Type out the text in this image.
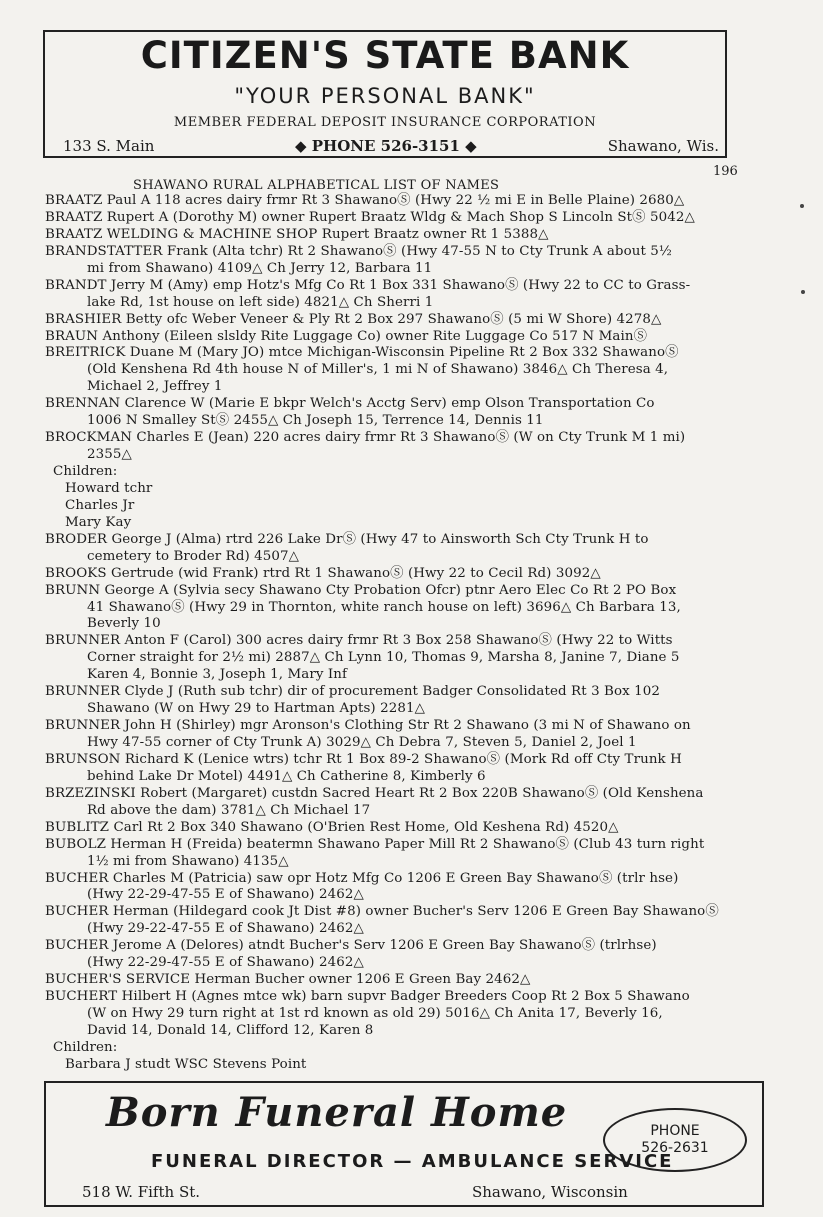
CITIZEN'S STATE BANK
"YOUR PERSONAL BANK"
MEMBER FEDERAL DEPOSIT INSURANCE CORPORATION
133 S. Main	◆ PHONE 526-3151 ◆	Shawano, Wis.
196
SHAWANO RURAL ALPHABETICAL LIST OF NAMES
BRAATZ Paul A 118 acres dairy frmr Rt 3 ShawanoⓈ (Hwy 22 ½ mi E in Belle Plaine) 2680△
BRAATZ Rupert A (Dorothy M) owner Rupert Braatz Wldg & Mach Shop S Lincoln StⓈ 5042△
BRAATZ WELDING & MACHINE SHOP Rupert Braatz owner Rt 1 5388△
BRANDSTATTER Frank (Alta tchr) Rt 2 ShawanoⓈ (Hwy 47-55 N to Cty Trunk A about 5½
mi from Shawano) 4109△ Ch Jerry 12, Barbara 11
BRANDT Jerry M (Amy) emp Hotz's Mfg Co Rt 1 Box 331 ShawanoⓈ (Hwy 22 to CC to Grass-
lake Rd, 1st house on left side) 4821△ Ch Sherri 1
BRASHIER Betty ofc Weber Veneer & Ply Rt 2 Box 297 ShawanoⓈ (5 mi W Shore) 4278△
BRAUN Anthony (Eileen slsldy Rite Luggage Co) owner Rite Luggage Co 517 N MainⓈ
BREITRICK Duane M (Mary JO) mtce Michigan-Wisconsin Pipeline Rt 2 Box 332 ShawanoⓈ
(Old Kenshena Rd 4th house N of Miller's, 1 mi N of Shawano) 3846△ Ch Theresa 4,
Michael 2, Jeffrey 1
BRENNAN Clarence W (Marie E bkpr Welch's Acctg Serv) emp Olson Transportation Co
1006 N Smalley StⓈ 2455△ Ch Joseph 15, Terrence 14, Dennis 11
BROCKMAN Charles E (Jean) 220 acres dairy frmr Rt 3 ShawanoⓈ (W on Cty Trunk M 1 mi)
2355△
Children:
Howard tchr
Charles Jr
Mary Kay
BRODER George J (Alma) rtrd 226 Lake DrⓈ (Hwy 47 to Ainsworth Sch Cty Trunk H to
cemetery to Broder Rd) 4507△
BROOKS Gertrude (wid Frank) rtrd Rt 1 ShawanoⓈ (Hwy 22 to Cecil Rd) 3092△
BRUNN George A (Sylvia secy Shawano Cty Probation Ofcr) ptnr Aero Elec Co Rt 2 PO Box
41 ShawanoⓈ (Hwy 29 in Thornton, white ranch house on left) 3696△ Ch Barbara 13,
Beverly 10
BRUNNER Anton F (Carol) 300 acres dairy frmr Rt 3 Box 258 ShawanoⓈ (Hwy 22 to Witts
Corner straight for 2½ mi) 2887△ Ch Lynn 10, Thomas 9, Marsha 8, Janine 7, Diane 5
Karen 4, Bonnie 3, Joseph 1, Mary Inf
BRUNNER Clyde J (Ruth sub tchr) dir of procurement Badger Consolidated Rt 3 Box 102
Shawano (W on Hwy 29 to Hartman Apts) 2281△
BRUNNER John H (Shirley) mgr Aronson's Clothing Str Rt 2 Shawano (3 mi N of Shawano on
Hwy 47-55 corner of Cty Trunk A) 3029△ Ch Debra 7, Steven 5, Daniel 2, Joel 1
BRUNSON Richard K (Lenice wtrs) tchr Rt 1 Box 89-2 ShawanoⓈ (Mork Rd off Cty Trunk H
behind Lake Dr Motel) 4491△ Ch Catherine 8, Kimberly 6
BRZEZINSKI Robert (Margaret) custdn Sacred Heart Rt 2 Box 220B ShawanoⓈ (Old Kenshena
Rd above the dam) 3781△ Ch Michael 17
BUBLITZ Carl Rt 2 Box 340 Shawano (O'Brien Rest Home, Old Keshena Rd) 4520△
BUBOLZ Herman H (Freida) beatermn Shawano Paper Mill Rt 2 ShawanoⓈ (Club 43 turn right
1½ mi from Shawano) 4135△
BUCHER Charles M (Patricia) saw opr Hotz Mfg Co 1206 E Green Bay ShawanoⓈ (trlr hse)
(Hwy 22-29-47-55 E of Shawano) 2462△
BUCHER Herman (Hildegard cook Jt Dist #8) owner Bucher's Serv 1206 E Green Bay ShawanoⓈ
(Hwy 29-22-47-55 E of Shawano) 2462△
BUCHER Jerome A (Delores) atndt Bucher's Serv 1206 E Green Bay ShawanoⓈ (trlrhse)
(Hwy 22-29-47-55 E of Shawano) 2462△
BUCHER'S SERVICE Herman Bucher owner 1206 E Green Bay 2462△
BUCHERT Hilbert H (Agnes mtce wk) barn supvr Badger Breeders Coop Rt 2 Box 5 Shawano
(W on Hwy 29 turn right at 1st rd known as old 29) 5016△ Ch Anita 17, Beverly 16,
David 14, Donald 14, Clifford 12, Karen 8
Children:
Barbara J studt WSC Stevens Point
Born Funeral Home
FUNERAL DIRECTOR — AMBULANCE SERVICE
PHONE
526-2631
518 W. Fifth St.	Shawano, Wisconsin
